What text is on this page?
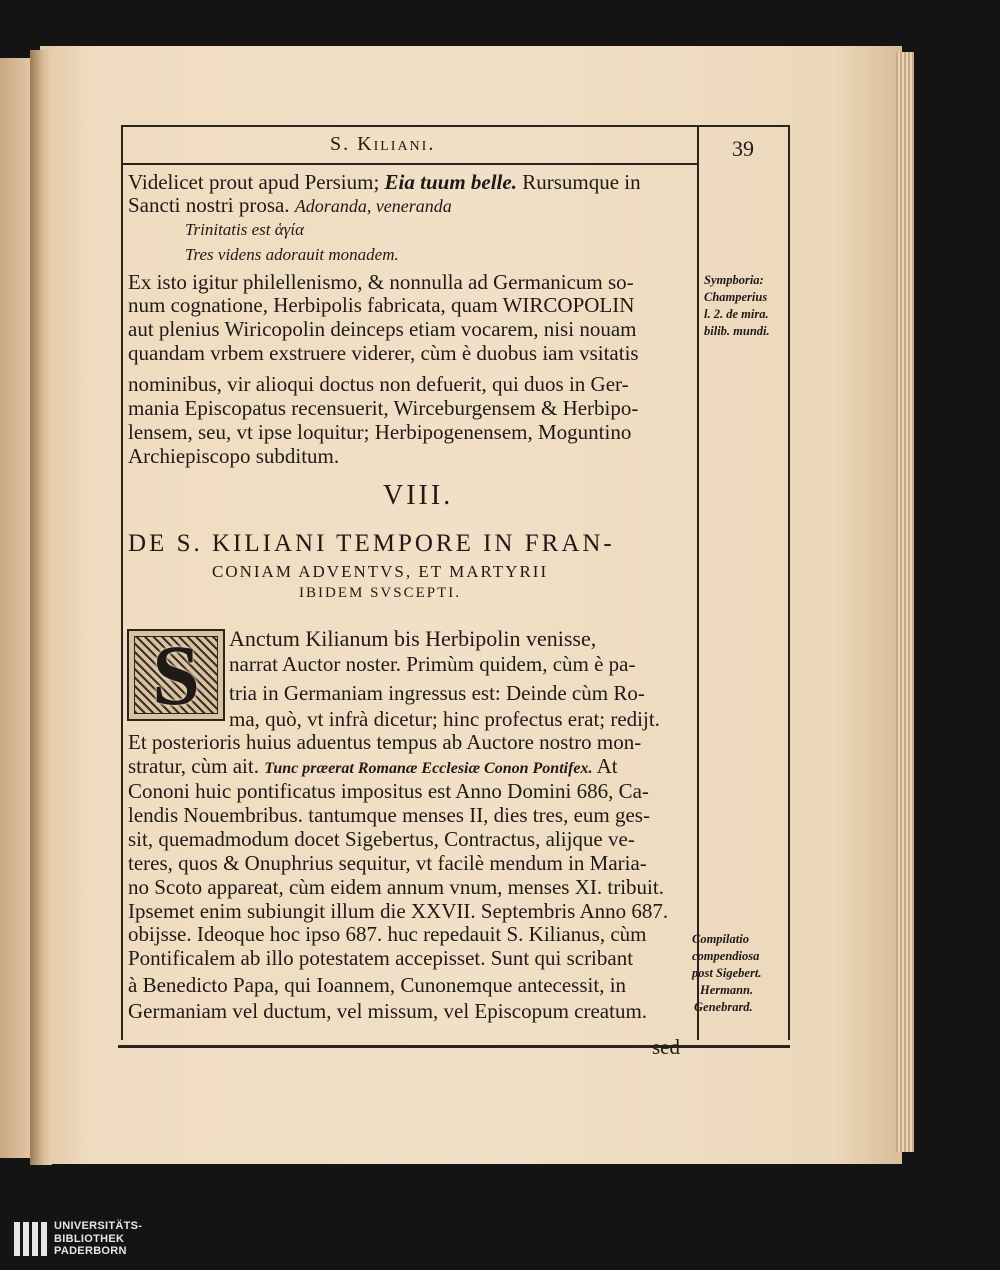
S. Kiliani.	39
Videlicet prout apud Persium; Eia tuum belle. Rursumque in
Sancti nostri prosa. Adoranda, veneranda
Trinitatis est ἁγία
Tres videns adorauit monadem.
Ex isto igitur philellenismo, & nonnulla ad Germanicum so-
num cognatione, Herbipolis fabricata, quam WIRCOPOLIN
aut plenius Wiricopolin deinceps etiam vocarem, nisi nouam
quandam vrbem exstruere viderer, cùm è duobus iam vsitatis
nominibus, vir alioqui doctus non defuerit, qui duos in Ger-
mania Episcopatus recensuerit, Wirceburgensem & Herbipo-
lensem, seu, vt ipse loquitur; Herbipogenensem, Moguntino
Archiepiscopo subditum.
VIII.
DE S. KILIANI TEMPORE IN FRAN-
CONIAM ADVENTVS, ET MARTYRII
IBIDEM SVSCEPTI.
S	Anctum Kilianum bis Herbipolin venisse,
narrat Auctor noster. Primùm quidem, cùm è pa-
tria in Germaniam ingressus est: Deinde cùm Ro-
ma, quò, vt infrà dicetur; hinc profectus erat; redijt.
Et posterioris huius aduentus tempus ab Auctore nostro mon-
stratur, cùm ait. Tunc præerat Romanæ Ecclesiæ Conon Pontifex. At
Cononi huic pontificatus impositus est Anno Domini 686, Ca-
lendis Nouembribus. tantumque menses II, dies tres, eum ges-
sit, quemadmodum docet Sigebertus, Contractus, alijque ve-
teres, quos & Onuphrius sequitur, vt facilè mendum in Maria-
no Scoto appareat, cùm eidem annum vnum, menses XI. tribuit.
Ipsemet enim subiungit illum die XXVII. Septembris Anno 687.
obijsse. Ideoque hoc ipso 687. huc repedauit S. Kilianus, cùm
Pontificalem ab illo potestatem accepisset. Sunt qui scribant
à Benedicto Papa, qui Ioannem, Cunonemque antecessit, in
Germaniam vel ductum, vel missum, vel Episcopum creatum.
sed
Sympboria:
Champerius
l. 2. de mira.
bilib. mundi.
Compilatio
compendiosa
post Sigebert.
Hermann.
Genebrard.
UNIVERSITÄTS-
BIBLIOTHEK
PADERBORN
